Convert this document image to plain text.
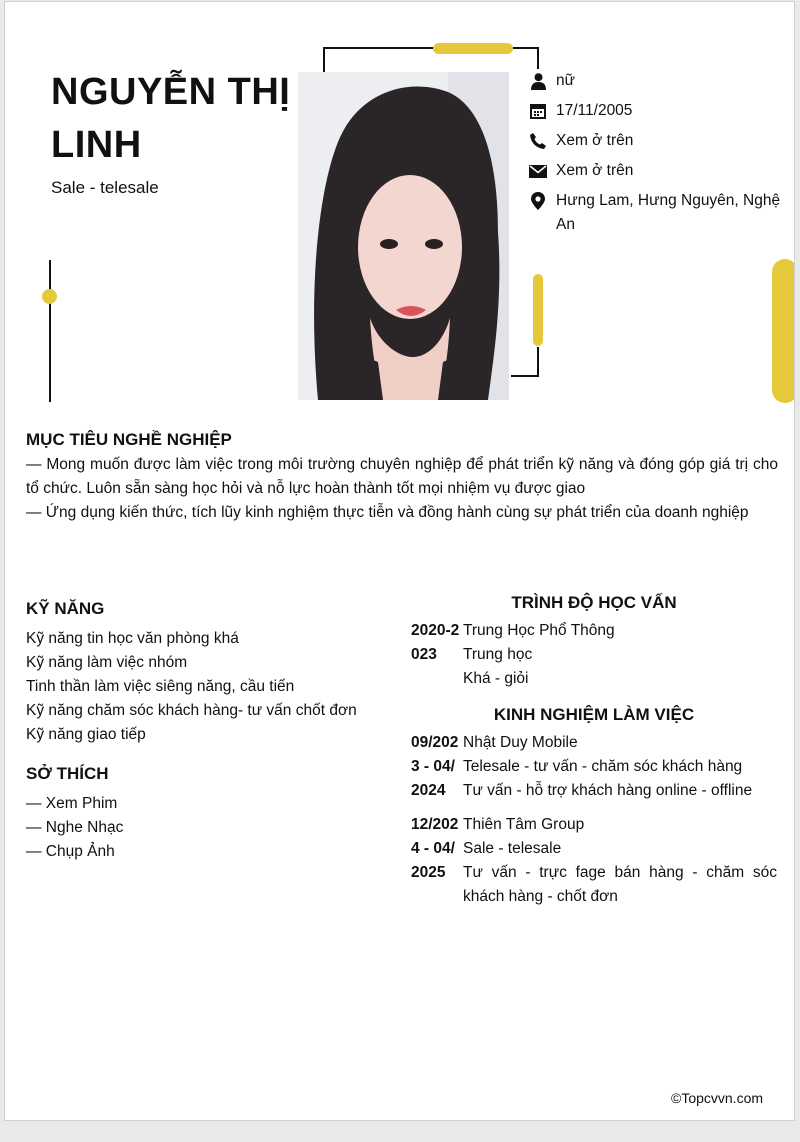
NGUYỄN THỊ LINH
Sale - telesale
nữ
17/11/2005
Xem ở trên
Xem ở trên
Hưng Lam, Hưng Nguyên, Nghệ An
MỤC TIÊU NGHỀ NGHIỆP
— Mong muốn được làm việc trong môi trường chuyên nghiệp để phát triển kỹ năng và đóng góp giá trị cho tổ chức. Luôn sẵn sàng học hỏi và nỗ lực hoàn thành tốt mọi nhiệm vụ được giao
— Ứng dụng kiến thức, tích lũy kinh nghiệm thực tiễn và đồng hành cùng sự phát triển của doanh nghiệp
KỸ NĂNG
Kỹ năng tin học văn phòng khá
Kỹ năng làm việc nhóm
Tinh thần làm việc siêng năng, cầu tiến
Kỹ năng chăm sóc khách hàng- tư vấn chốt đơn
Kỹ năng giao tiếp
SỞ THÍCH
— Xem Phim
— Nghe Nhạc
— Chụp Ảnh
TRÌNH ĐỘ HỌC VẤN
2020-2023
Trung Học Phổ Thông
Trung học
Khá - giỏi
KINH NGHIỆM LÀM VIỆC
09/2023 - 04/2024
Nhật Duy Mobile
Telesale - tư vấn - chăm sóc khách hàng
Tư vấn - hỗ trợ khách hàng online - offline
12/2024 - 04/2025
Thiên Tâm Group
Sale - telesale
Tư vấn - trực fage bán hàng - chăm sóc khách hàng - chốt đơn
©Topcvvn.com
